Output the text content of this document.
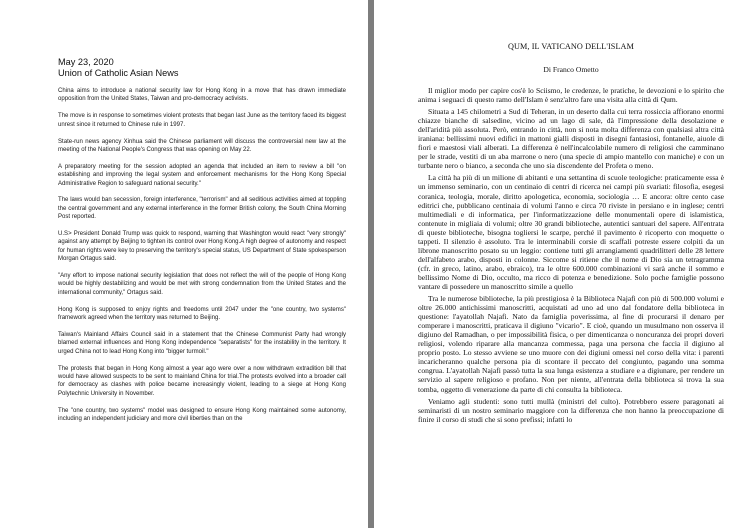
May 23, 2020
Union of Catholic Asian News

China aims to introduce a national security law for Hong Kong in a move that has drawn immediate opposition from the United States, Taiwan and pro-democracy activists.

The move is in response to sometimes violent protests that began last June as the territory faced its biggest unrest since it returned to Chinese rule in 1997.

State-run news agency Xinhua said the Chinese parliament will discuss the controversial new law at the meeting of the National People's Congress that was opening on May 22.

A preparatory meeting for the session adopted an agenda that included an item to review a bill "on establishing and improving the legal system and enforcement mechanisms for the Hong Kong Special Administrative Region to safeguard national security."

The laws would ban secession, foreign interference, "terrorism" and all seditious activities aimed at toppling the central government and any external interference in the former British colony, the South China Morning Post reported.

U.S> President Donald Trump was quick to respond, warning that Washington would react "very strongly" against any attempt by Beijing to tighten its control over Hong Kong.A high degree of autonomy and respect for human rights were key to preserving the territory's special status, US Department of State spokesperson Morgan Ortagus said.

"Any effort to impose national security legislation that does not reflect the will of the people of Hong Kong would be highly destabilizing and would be met with strong condemnation from the United States and the international community," Ortagus said.

Hong Kong is supposed to enjoy rights and freedoms until 2047 under the "one country, two systems" framework agreed when the territory was returned to Beijing.

Taiwan's Mainland Affairs Council said in a statement that the Chinese Communist Party had wrongly blamed external influences and Hong Kong independence "separatists" for the instability in the territory. It urged China not to lead Hong Kong into "bigger turmoil."

The protests that began in Hong Kong almost a year ago were over a now withdrawn extradition bill that would have allowed suspects to be sent to mainland China for trial.The protests evolved into a broader call for democracy as clashes with police became increasingly violent, leading to a siege at Hong Kong Polytechnic University in November.

The "one country, two systems" model was designed to ensure Hong Kong maintained some autonomy, including an independent judiciary and more civil liberties than on the

QUM, IL VATICANO DELL'ISLAM
Di Franco Ometto

Il miglior modo per capire cos'è lo Sciismo, le credenze, le pratiche, le devozioni e lo spirito che anima i seguaci di questo ramo dell'Islam è senz'altro fare una visita alla città di Qum.

Situata a 145 chilometri a Sud di Teheran, in un deserto dalla cui terra rossiccia affiorano enormi chiazze bianche di salsedine, vicino ad un lago di sale, dà l'impressione della desolazione e dell'aridità più assoluta. Però, entrando in città, non si nota molta differenza con qualsiasi altra città iraniana: bellissimi nuovi edifici in mattoni gialli disposti in disegni fantasiosi, fontanelle, aiuole di fiori e maestosi viali alberati. La differenza è nell'incalcolabile numero di religiosi che camminano per le strade, vestiti di un aba marrone o nero (una specie di ampio mantello con maniche) e con un turbante nero o bianco, a seconda che uno sia discendente del Profeta o meno.

La città ha più di un milione di abitanti e una settantina di scuole teologiche: praticamente essa è un immenso seminario, con un centinaio di centri di ricerca nei campi più svariati: filosofia, esegesi coranica, teologia, morale, diritto apologetica, economia, sociologia … E ancora: oltre cento case editrici che, pubblicano centinaia di volumi l'anno e circa 70 riviste in persiano e in inglese; centri multimediali e di informatica, per l'informatizzazione delle monumentali opere di islamistica, contenute in migliaia di volumi; oltre 30 grandi biblioteche, autentici santuari del sapere. All'entrata di queste biblioteche, bisogna togliersi le scarpe, perché il pavimento è ricoperto con moquette o tappeti. Il silenzio è assoluto. Tra le interminabili corsie di scaffali potreste essere colpiti da un librone manoscritto posato su un leggio: contiene tutti gli arrangiamenti quadrilitteri delle 28 lettere dell'alfabeto arabo, disposti in colonne. Siccome si ritiene che il nome di Dio sia un tetragramma (cfr. in greco, latino, arabo, ebraico), tra le oltre 600.000 combinazioni vi sarà anche il sommo e bellissimo Nome di Dio, occulto, ma ricco di potenza e benedizione. Solo poche famiglie possono vantare di possedere un manoscritto simile a quello

Tra le numerose biblioteche, la più prestigiosa è la Biblioteca Najafi con più di 500.000 volumi e oltre 26.000 antichissimi manoscritti, acquistati ad uno ad uno dal fondatore della biblioteca in questione: l'ayatollah Najafi. Nato da famiglia poverissima, al fine di procurarsi il denaro per comperare i manoscritti, praticava il digiuno "vicario". E cioè, quando un musulmano non osserva il digiuno del Ramadhan, o per impossibilità fisica, o per dimenticanza o noncuranza dei propri doveri religiosi, volendo riparare alla mancanza commessa, paga una persona che faccia il digiuno al proprio posto. Lo stesso avviene se uno muore con dei digiuni omessi nel corso della vita: i parenti incaricheranno qualche persona pia di scontare il peccato del congiunto, pagando una somma congrua. L'ayatollah Najafi passò tutta la sua lunga esistenza a studiare e a digiunare, per rendere un servizio al sapere religioso e profano. Non per niente, all'entrata della biblioteca si trova la sua tomba, oggetto di venerazione da parte di chi consulta la biblioteca.

Veniamo agli studenti: sono tutti mullà (ministri del culto). Potrebbero essere paragonati ai seminaristi di un nostro seminario maggiore con la differenza che non hanno la preoccupazione di finire il corso di studi che si sono prefissi; infatti lo
